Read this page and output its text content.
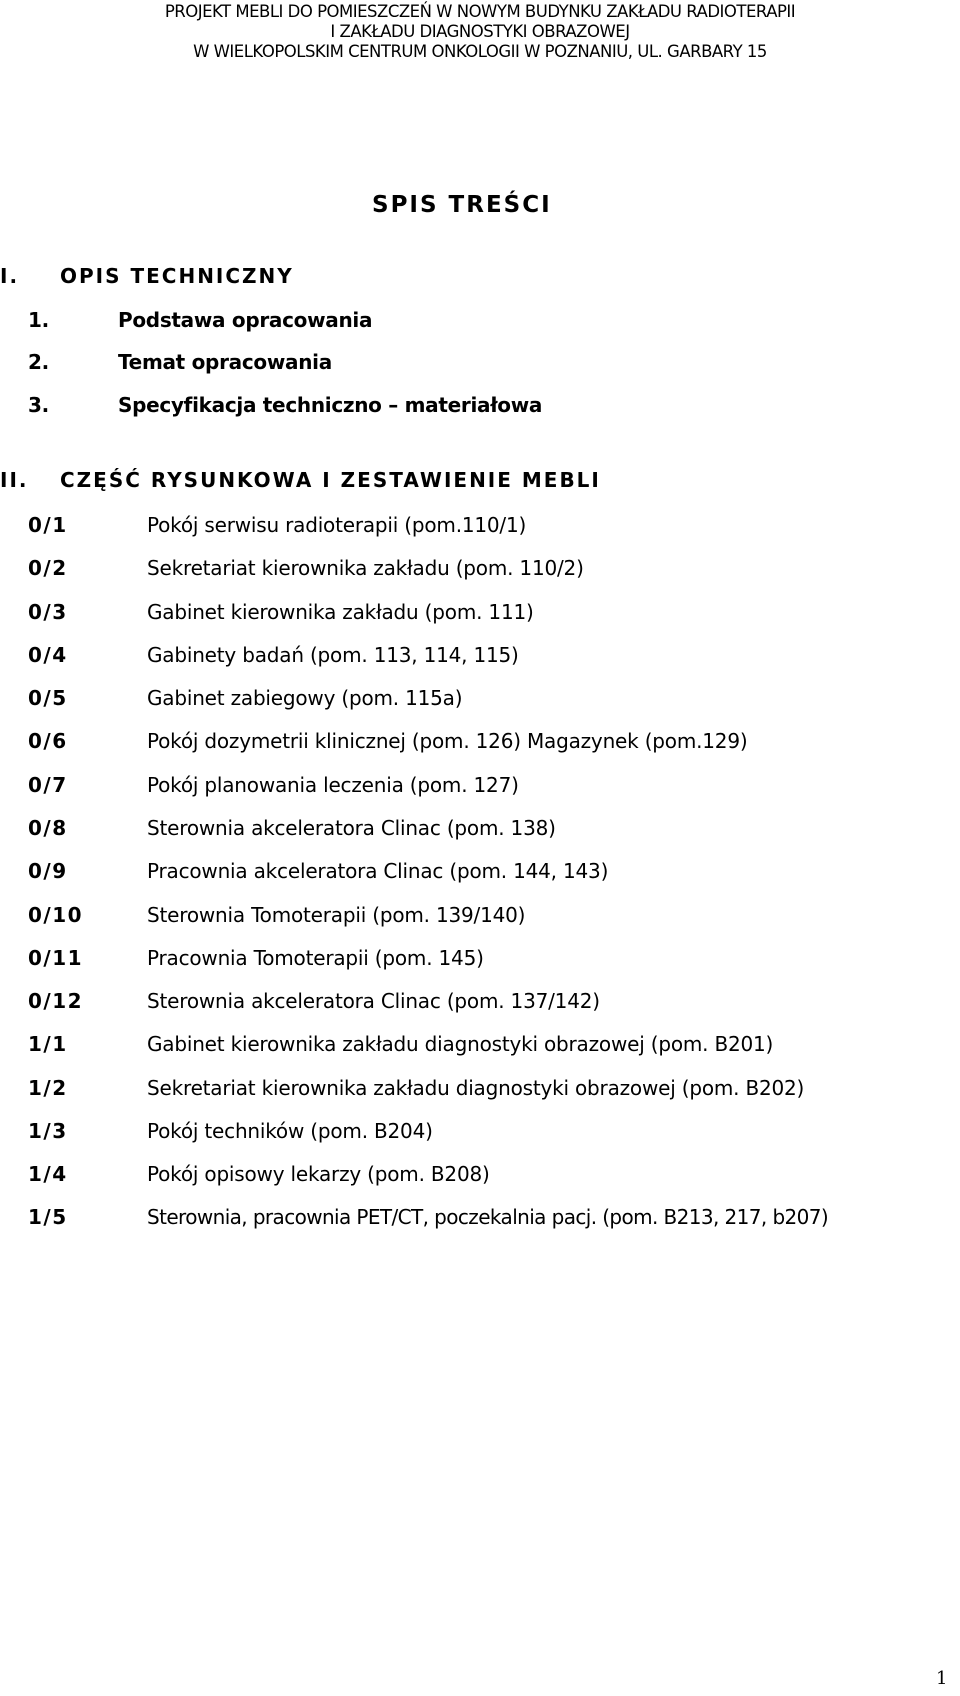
PROJEKT MEBLI DO POMIESZCZEŃ W NOWYM BUDYNKU ZAKŁADU RADIOTERAPII
I ZAKŁADU DIAGNOSTYKI OBRAZOWEJ
W WIELKOPOLSKIM CENTRUM ONKOLOGII W POZNANIU, UL. GARBARY 15
SPIS TREŚCI
I. OPIS TECHNICZNY
1.	Podstawa opracowania
2.	Temat opracowania
3.	Specyfikacja techniczno – materiałowa
II. CZĘŚĆ RYSUNKOWA I ZESTAWIENIE MEBLI
0/1	Pokój serwisu radioterapii (pom.110/1)
0/2	Sekretariat kierownika zakładu (pom. 110/2)
0/3	Gabinet kierownika zakładu (pom. 111)
0/4	Gabinety badań (pom. 113, 114, 115)
0/5	Gabinet zabiegowy (pom. 115a)
0/6	Pokój dozymetrii klinicznej (pom. 126) Magazynek (pom.129)
0/7	Pokój planowania leczenia (pom. 127)
0/8	Sterownia akceleratora Clinac (pom. 138)
0/9	Pracownia akceleratora Clinac (pom. 144, 143)
0/10	Sterownia Tomoterapii (pom. 139/140)
0/11	Pracownia Tomoterapii (pom. 145)
0/12	Sterownia akceleratora Clinac (pom. 137/142)
1/1	Gabinet kierownika zakładu diagnostyki obrazowej (pom. B201)
1/2	Sekretariat kierownika zakładu diagnostyki obrazowej (pom. B202)
1/3	Pokój techników (pom. B204)
1/4	Pokój opisowy lekarzy (pom. B208)
1/5	Sterownia, pracownia PET/CT, poczekalnia pacj. (pom. B213, 217, b207)
1
